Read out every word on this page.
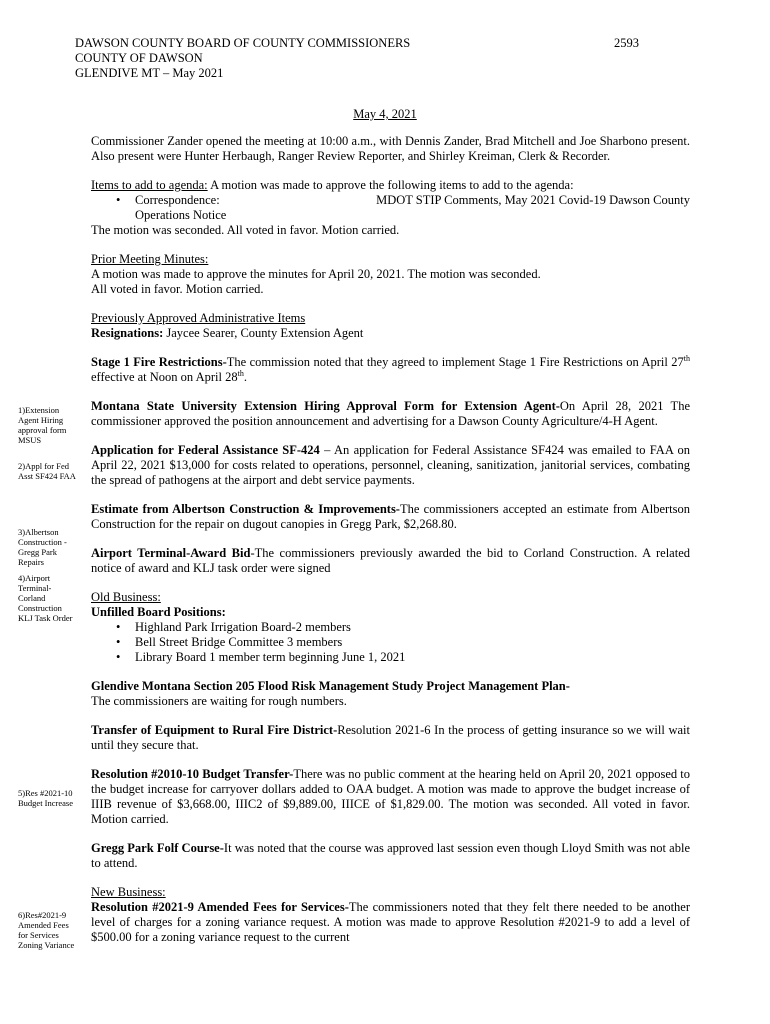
DAWSON COUNTY BOARD OF COUNTY COMMISSIONERS
COUNTY OF DAWSON
GLENDIVE MT – May 2021
2593
May 4, 2021
1)Extension Agent Hiring approval form MSUS
2)Appl for Fed Asst SF424 FAA
3)Albertson Construction -Gregg Park Repairs
4)Airport Terminal-Corland Construction KLJ Task Order
5)Res #2021-10 Budget Increase
6)Res#2021-9 Amended Fees for Services Zoning Variance

Commissioner Zander opened the meeting at 10:00 a.m., with Dennis Zander, Brad Mitchell and Joe Sharbono present. Also present were Hunter Herbaugh, Ranger Review Reporter, and Shirley Kreiman, Clerk & Recorder.

Items to add to agenda: A motion was made to approve the following items to add to the agenda:

• Correspondence:	MDOT STIP Comments, May 2021 Covid-19 Dawson County
Operations Notice

The motion was seconded. All voted in favor. Motion carried.

Prior Meeting Minutes:

A motion was made to approve the minutes for April 20, 2021. The motion was seconded.

All voted in favor. Motion carried.

Previously Approved Administrative Items

Resignations: Jaycee Searer, County Extension Agent

Stage 1 Fire Restrictions-The commission noted that they agreed to implement Stage 1 Fire Restrictions on April 27th effective at Noon on April 28th.

Montana State University Extension Hiring Approval Form for Extension Agent-On April 28, 2021 The commissioner approved the position announcement and advertising for a Dawson County Agriculture/4-H Agent.

Application for Federal Assistance SF-424 – An application for Federal Assistance SF424 was emailed to FAA on April 22, 2021 $13,000 for costs related to operations, personnel, cleaning, sanitization, janitorial services, combating the spread of pathogens at the airport and debt service payments.

Estimate from Albertson Construction & Improvements-The commissioners accepted an estimate from Albertson Construction for the repair on dugout canopies in Gregg Park, $2,268.80.

Airport Terminal-Award Bid-The commissioners previously awarded the bid to Corland Construction. A related notice of award and KLJ task order were signed

Old Business:

Unfilled Board Positions:

• Highland Park Irrigation Board-2 members
• Bell Street Bridge Committee 3 members
• Library Board 1 member term beginning June 1, 2021

Glendive Montana Section 205 Flood Risk Management Study Project Management Plan-

The commissioners are waiting for rough numbers.

Transfer of Equipment to Rural Fire District-Resolution 2021-6 In the process of getting insurance so we will wait until they secure that.

Resolution #2010-10 Budget Transfer-There was no public comment at the hearing held on April 20, 2021 opposed to the budget increase for carryover dollars added to OAA budget. A motion was made to approve the budget increase of IIIB revenue of $3,668.00, IIIC2 of $9,889.00, IIICE of $1,829.00. The motion was seconded. All voted in favor. Motion carried.

Gregg Park Folf Course-It was noted that the course was approved last session even though Lloyd Smith was not able to attend.

New Business:

Resolution #2021-9 Amended Fees for Services-The commissioners noted that they felt there needed to be another level of charges for a zoning variance request. A motion was made to approve Resolution #2021-9 to add a level of $500.00 for a zoning variance request to the current
